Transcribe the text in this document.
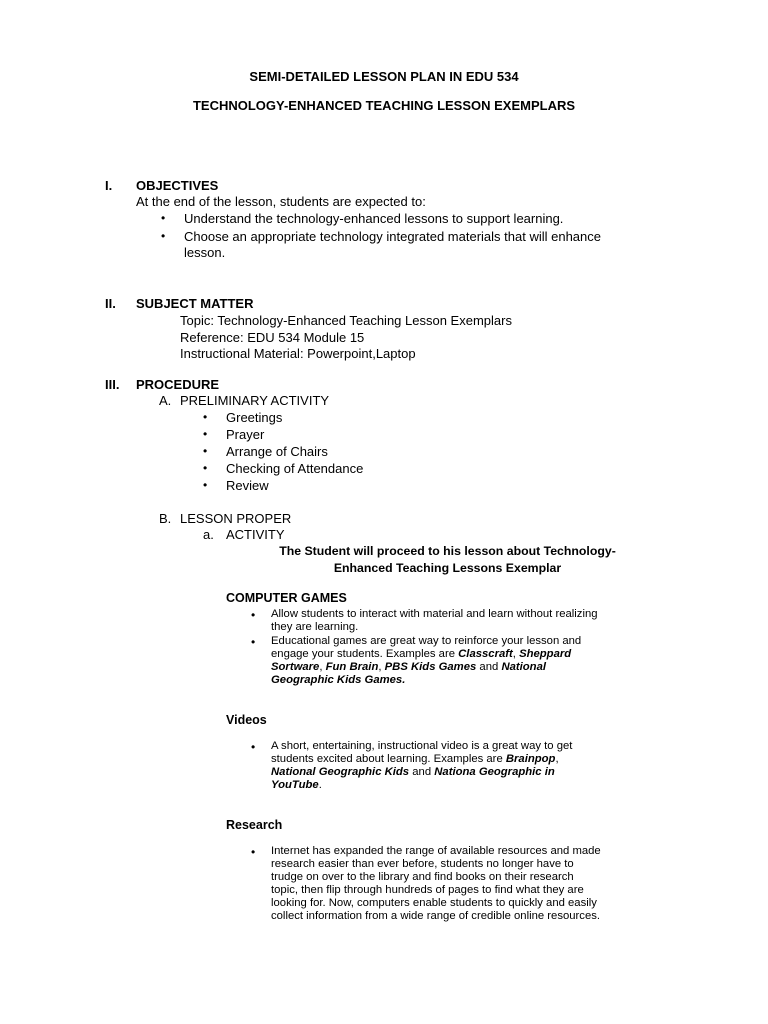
SEMI-DETAILED LESSON PLAN IN EDU 534
TECHNOLOGY-ENHANCED TEACHING LESSON EXEMPLARS
I. OBJECTIVES
At the end of the lesson, students are expected to:
• Understand the technology-enhanced lessons to support learning.
• Choose an appropriate technology integrated materials that will enhance
lesson.
II. SUBJECT MATTER
Topic: Technology-Enhanced Teaching Lesson Exemplars
Reference: EDU 534 Module 15
Instructional Material: Powerpoint,Laptop
III. PROCEDURE
A. PRELIMINARY ACTIVITY
• Greetings
• Prayer
• Arrange of Chairs
• Checking of Attendance
• Review
B. LESSON PROPER
a. ACTIVITY
The Student will proceed to his lesson about Technology-
Enhanced Teaching Lessons Exemplar
COMPUTER GAMES
• Allow students to interact with material and learn without realizing
they are learning.
• Educational games are great way to reinforce your lesson and
engage your students. Examples are Classcraft, Sheppard
Sortware, Fun Brain, PBS Kids Games and National
Geographic Kids Games.
Videos
• A short, entertaining, instructional video is a great way to get
students excited about learning. Examples are Brainpop,
National Geographic Kids and Nationa Geographic in
YouTube.
Research
• Internet has expanded the range of available resources and made
research easier than ever before, students no longer have to
trudge on over to the library and find books on their research
topic, then flip through hundreds of pages to find what they are
looking for. Now, computers enable students to quickly and easily
collect information from a wide range of credible online resources.
